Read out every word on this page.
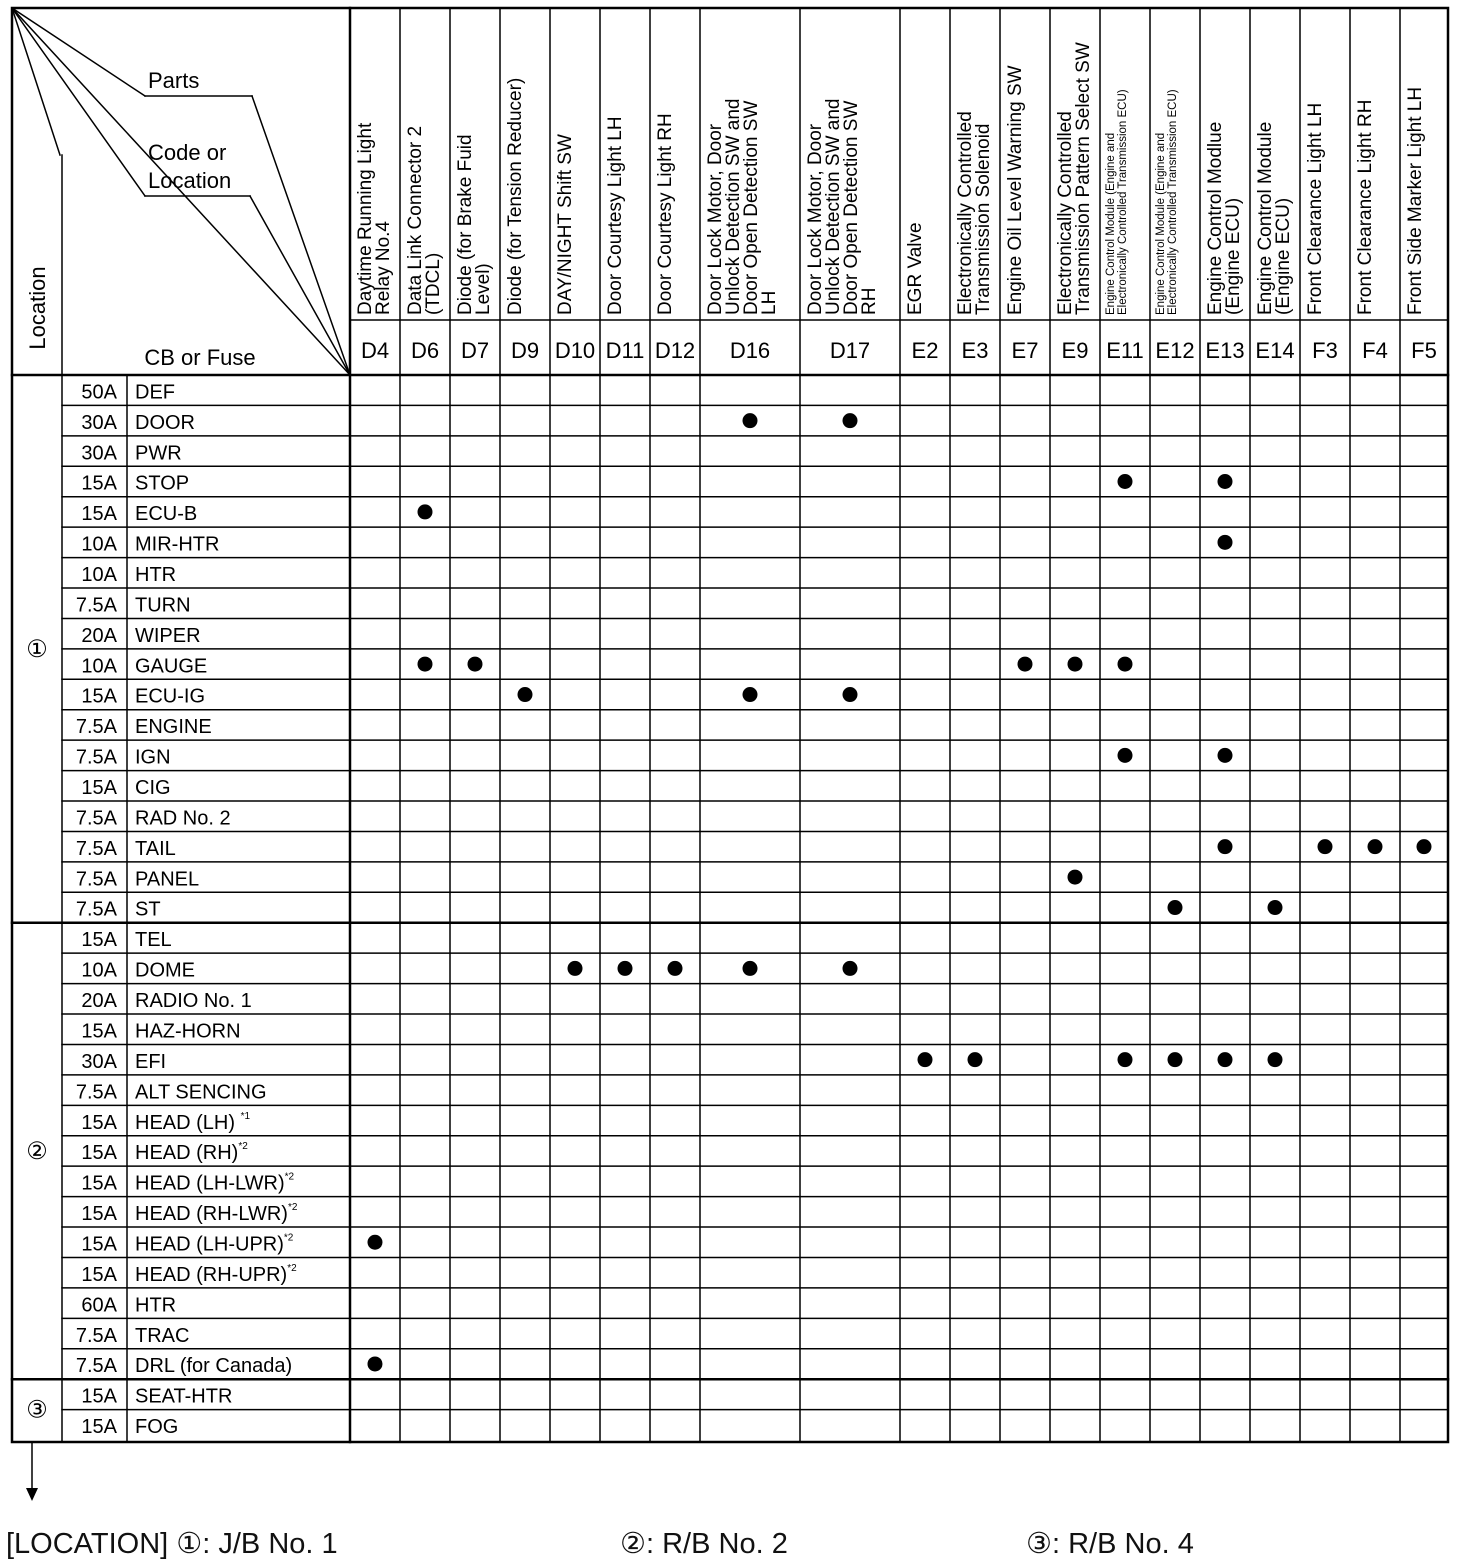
Parts
Code or
Location
CB or Fuse
Location
D4
Daytime Running Light
Relay No.4
D6
Data Link Connector 2
(TDCL)
D7
Diode (for Brake Fuid
Level)
D9
Diode (for Tension Reducer)
D10
DAY/NIGHT Shift SW
D11
Door Courtesy Light LH
D12
Door Courtesy Light RH
D16
Door Lock Motor, Door
Unlock Detection SW and
Door Open Detection SW
LH
D17
Door Lock Motor, Door
Unlock Detection SW and
Door Open Detection SW
RH
E2
EGR Valve
E3
Electronically Controlled
Transmission Solenoid
E7
Engine Oil Level Warning SW
E9
Electronically Controlled
Transmission Pattern Select SW
E11
Engine Control Module (Engine and Electronically Controlled Transmission ECU)
E12
Engine Control Module (Engine and Electronically Controlled Transmission ECU)
E13
Engine Control Modlue
(Engine ECU)
E14
Engine Control Module
(Engine ECU)
F3
Front Clearance Light LH
F4
Front Clearance Light RH
F5
Front Side Marker Light LH
50A DEF
30A DOOR
30A PWR
15A STOP
15A ECU-B
10A MIR-HTR
10A HTR
7.5A TURN
20A WIPER
10A GAUGE
15A ECU-IG
7.5A ENGINE
7.5A IGN
15A CIG
7.5A RAD No. 2
7.5A TAIL
7.5A PANEL
7.5A ST
①
15A TEL
10A DOME
20A RADIO No. 1
15A HAZ-HORN
30A EFI
7.5A ALT SENCING
15A HEAD (LH) $^{*1}$
15A HEAD (RH)$^{*2}$
15A HEAD $(LH-LWR)^{*2}$
15A HEAD $(RH-LWR)^{*2}$
15A HEAD $(LH-UPR)^{*2}$
15A HEAD $(RH-UPR)^{*2}$
60A HTR
7.5A TRAC
7.5A DRL (for Canada)
②
15A SEAT-HTR
15A FOG
③
[LOCATION] ①: J/B No. 1	②: R/B No. 2	③: R/B No. 4
